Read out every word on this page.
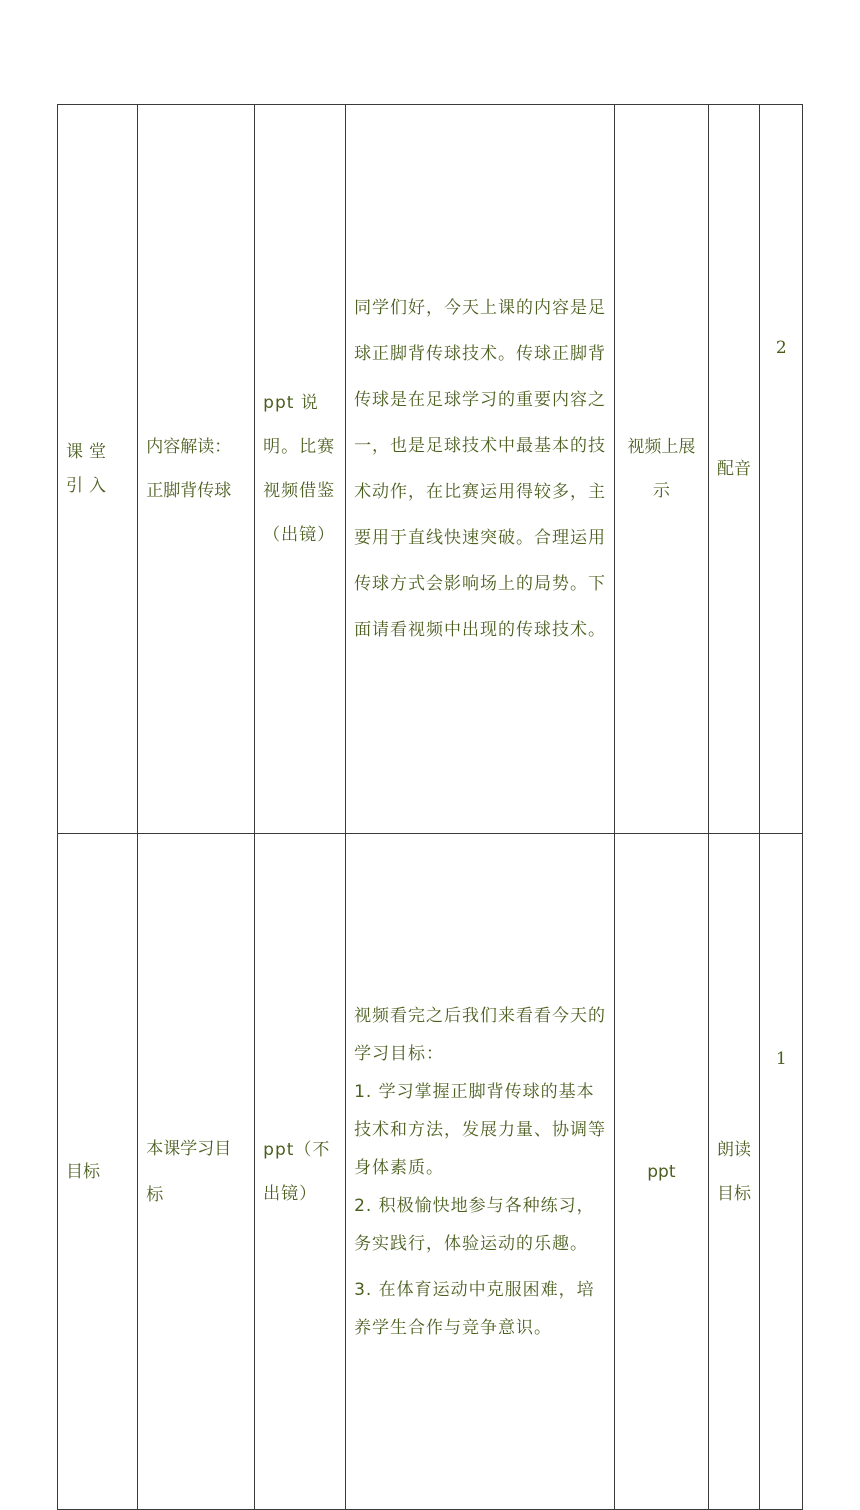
课堂引入	内容解读：正脚背传球	ppt 说明。比赛视频借鉴（出镜）	同学们好，今天上课的内容是足球正脚背传球技术。传球正脚背传球是在足球学习的重要内容之一，也是足球技术中最基本的技术动作，在比赛运用得较多，主要用于直线快速突破。合理运用传球方式会影响场上的局势。下面请看视频中出现的传球技术。	视频上展示	配音	2

目标	本课学习目标	ppt（不出镜）	视频看完之后我们来看看今天的学习目标：
1. 学习掌握正脚背传球的基本技术和方法，发展力量、协调等身体素质。
2. 积极愉快地参与各种练习，务实践行，体验运动的乐趣。
3. 在体育运动中克服困难，培养学生合作与竞争意识。	ppt	朗读目标	1
